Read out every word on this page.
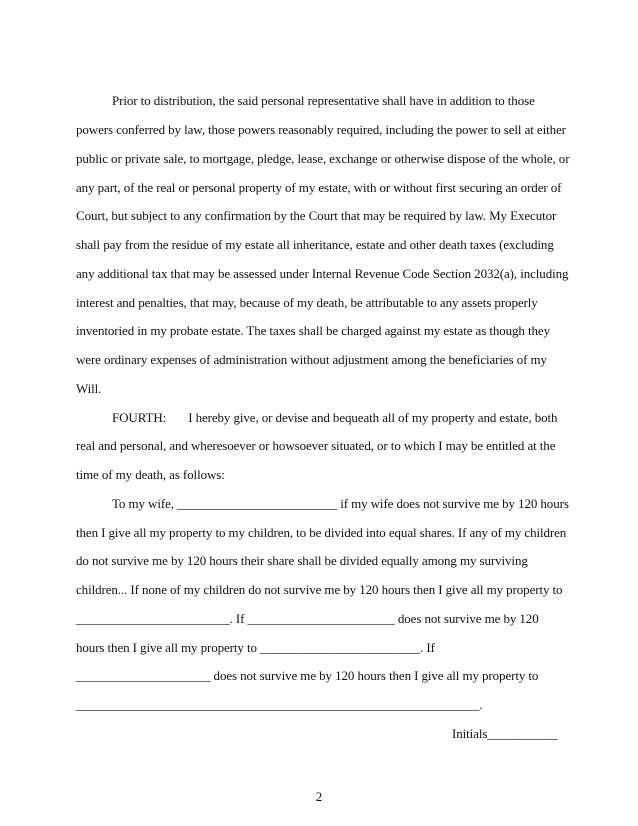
Prior to distribution, the said personal representative shall have in addition to those
powers conferred by law, those powers reasonably required, including the power to sell at either
public or private sale, to mortgage, pledge, lease, exchange or otherwise dispose of the whole, or
any part, of the real or personal property of my estate, with or without first securing an order of
Court, but subject to any confirmation by the Court that may be required by law. My Executor
shall pay from the residue of my estate all inheritance, estate and other death taxes (excluding
any additional tax that may be assessed under Internal Revenue Code Section 2032(a), including
interest and penalties, that may, because of my death, be attributable to any assets properly
inventoried in my probate estate. The taxes shall be charged against my estate as though they
were ordinary expenses of administration without adjustment among the beneficiaries of my
Will.
FOURTH:       I hereby give, or devise and bequeath all of my property and estate, both
real and personal, and wheresoever or howsoever situated, or to which I may be entitled at the
time of my death, as follows:
To my wife, _________________________ if my wife does not survive me by 120 hours
then I give all my property to my children, to be divided into equal shares. If any of my children
do not survive me by 120 hours their share shall be divided equally among my surviving
children... If none of my children do not survive me by 120 hours then I give all my property to
________________________. If _______________________ does not survive me by 120
hours then I give all my property to _________________________. If
_____________________ does not survive me by 120 hours then I give all my property to
_______________________________________________________________.
Initials___________
2
